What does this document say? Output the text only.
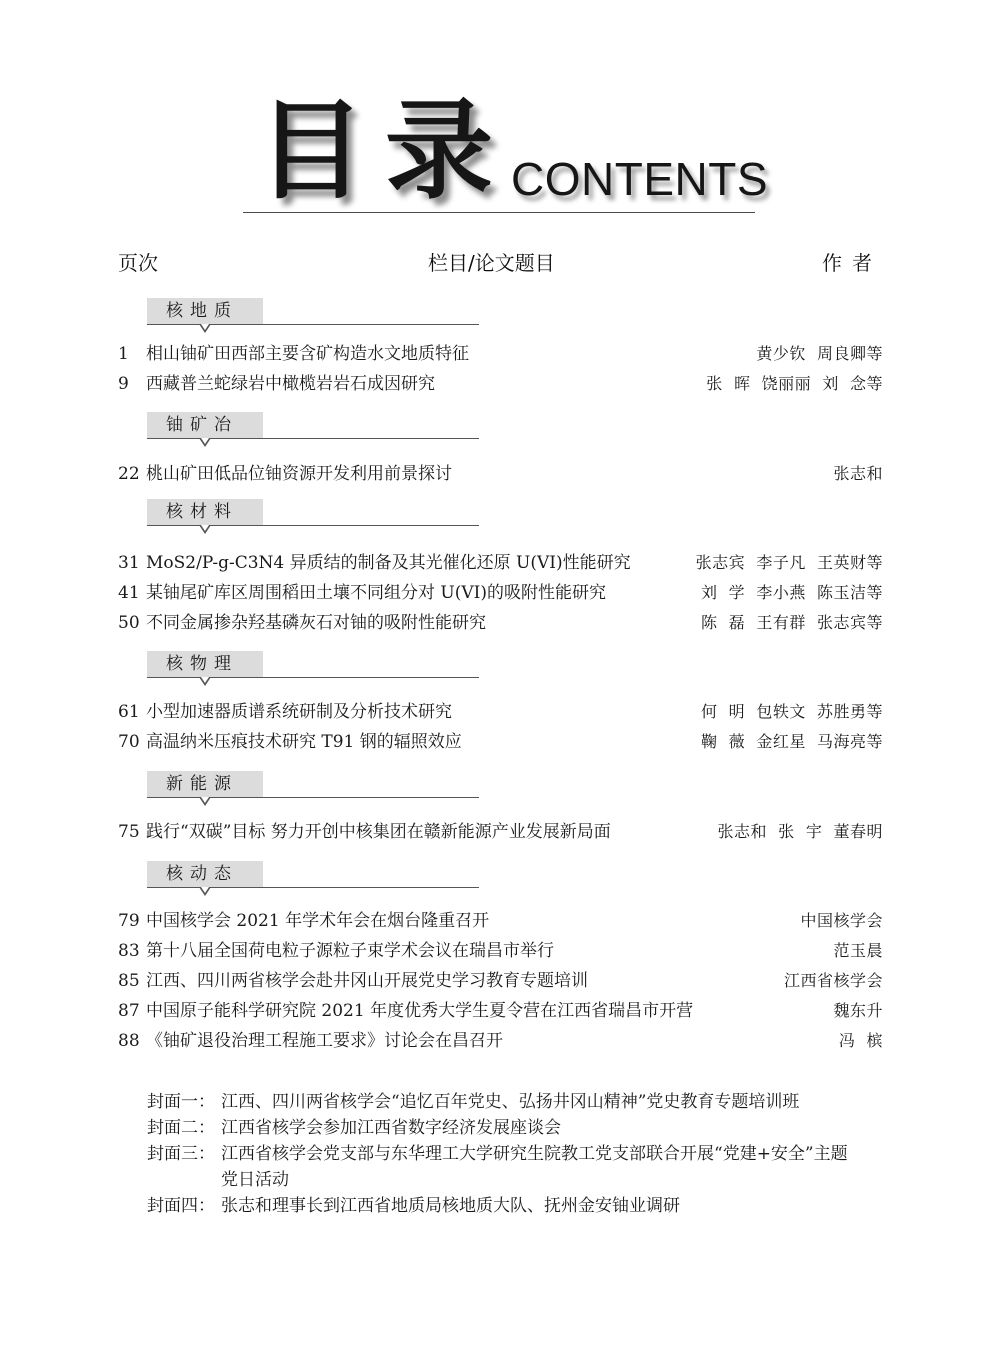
目录
CONTENTS
页次	栏目/论文题目	作者
核地质
1 相山铀矿田西部主要含矿构造水文地质特征	黄少钦  周良卿等
9 西藏普兰蛇绿岩中橄榄岩岩石成因研究	张  晖  饶丽丽  刘  念等
铀矿冶
22 桃山矿田低品位铀资源开发利用前景探讨	张志和
核材料
31 MoS2/P-g-C3N4 异质结的制备及其光催化还原 U(VI)性能研究	张志宾  李子凡  王英财等
41 某铀尾矿库区周围稻田土壤不同组分对 U(VI)的吸附性能研究	刘  学  李小燕  陈玉洁等
50 不同金属掺杂羟基磷灰石对铀的吸附性能研究	陈  磊  王有群  张志宾等
核物理
61 小型加速器质谱系统研制及分析技术研究	何  明  包轶文  苏胜勇等
70 高温纳米压痕技术研究 T91 钢的辐照效应	鞠  薇  金红星  马海亮等
新能源
75 践行“双碳”目标 努力开创中核集团在赣新能源产业发展新局面	张志和  张  宇  董春明
核动态
79 中国核学会 2021 年学术年会在烟台隆重召开	中国核学会
83 第十八届全国荷电粒子源粒子束学术会议在瑞昌市举行	范玉晨
85 江西、四川两省核学会赴井冈山开展党史学习教育专题培训	江西省核学会
87 中国原子能科学研究院 2021 年度优秀大学生夏令营在江西省瑞昌市开营	魏东升
88 《铀矿退役治理工程施工要求》讨论会在昌召开	冯  槟
封面一： 江西、四川两省核学会“追忆百年党史、弘扬井冈山精神”党史教育专题培训班
封面二： 江西省核学会参加江西省数字经济发展座谈会
封面三： 江西省核学会党支部与东华理工大学研究生院教工党支部联合开展“党建+安全”主题党日活动
封面四： 张志和理事长到江西省地质局核地质大队、抚州金安铀业调研
